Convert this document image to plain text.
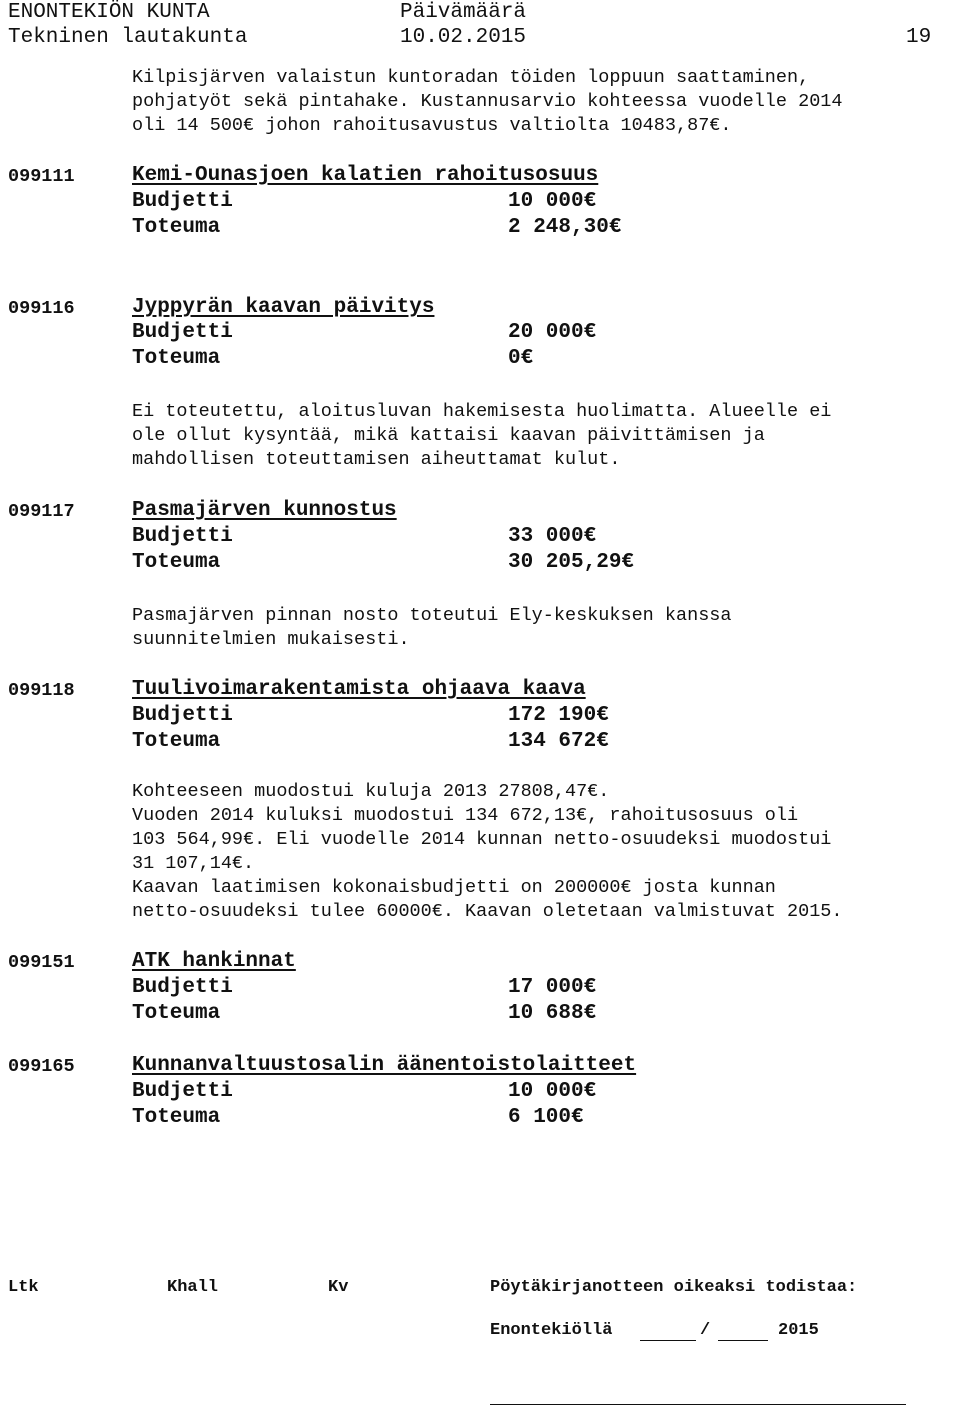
ENONTEKIÖN KUNTA	Päivämäärä
Tekninen lautakunta	10.02.2015	19
Kilpisjärven valaistun kuntoradan töiden loppuun saattaminen,
pohjatyöt sekä pintahake. Kustannusarvio kohteessa vuodelle 2014
oli 14 500€ johon rahoitusavustus valtiolta 10483,87€.
099111	Kemi-Ounasjoen kalatien rahoitusosuus
Budjetti	10 000€
Toteuma	2 248,30€
099116	Jyppyrän kaavan päivitys
Budjetti	20 000€
Toteuma	0€
Ei toteutettu, aloitusluvan hakemisesta huolimatta. Alueelle ei
ole ollut kysyntää, mikä kattaisi kaavan päivittämisen ja
mahdollisen toteuttamisen aiheuttamat kulut.
099117	Pasmajärven kunnostus
Budjetti	33 000€
Toteuma	30 205,29€
Pasmajärven pinnan nosto toteutui Ely-keskuksen kanssa
suunnitelmien mukaisesti.
099118	Tuulivoimarakentamista ohjaava kaava
Budjetti	172 190€
Toteuma	134 672€
Kohteeseen muodostui kuluja 2013 27808,47€.
Vuoden 2014 kuluksi muodostui 134 672,13€, rahoitusosuus oli
103 564,99€. Eli vuodelle 2014 kunnan netto-osuudeksi muodostui
31 107,14€.
Kaavan laatimisen kokonaisbudjetti on 200000€ josta kunnan
netto-osuudeksi tulee 60000€. Kaavan oletetaan valmistuvat 2015.
099151	ATK hankinnat
Budjetti	17 000€
Toteuma	10 688€
099165	Kunnanvaltuustosalin äänentoistolaitteet
Budjetti	10 000€
Toteuma	6 100€
Ltk	Khall	Kv	Pöytäkirjanotteen oikeaksi todistaa:
Enontekiöllä	/	2015
